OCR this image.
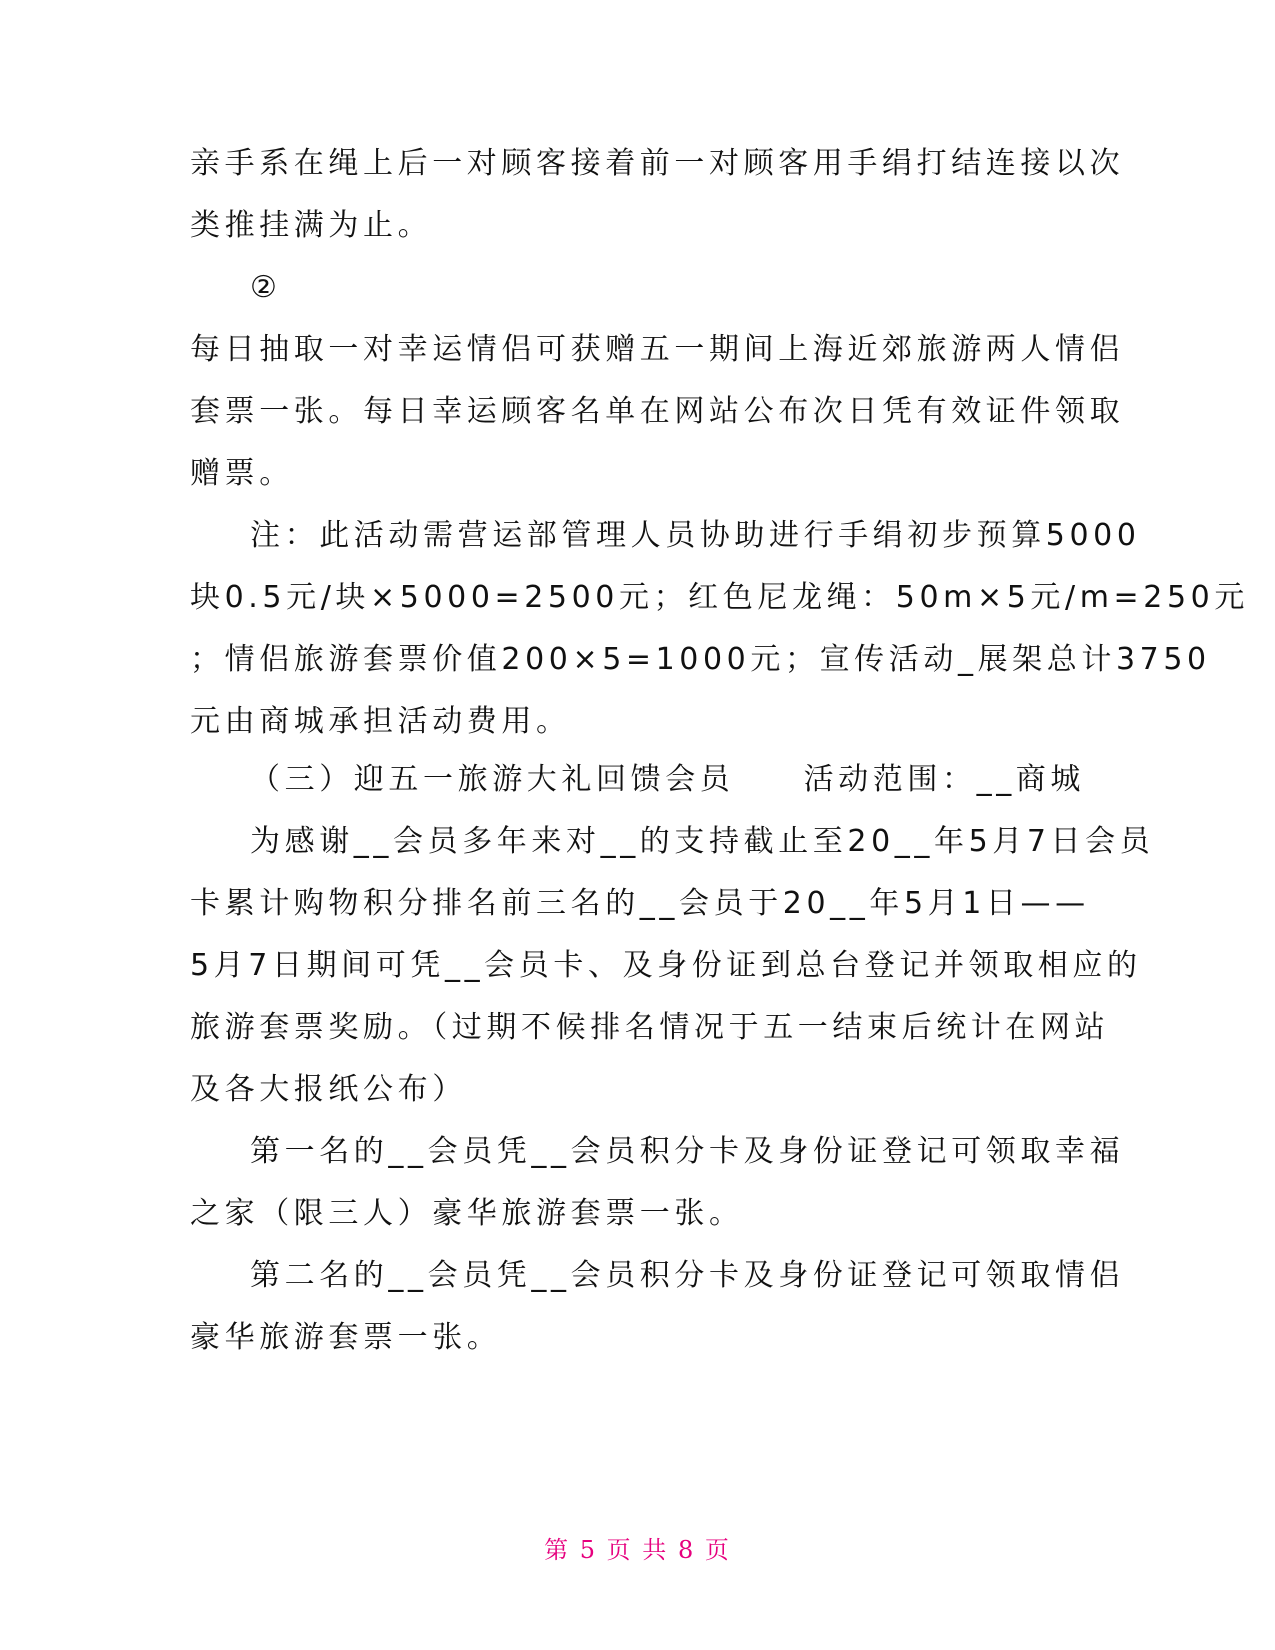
亲手系在绳上后一对顾客接着前一对顾客用手绢打结连接以次
类推挂满为止。
②
每日抽取一对幸运情侣可获赠五一期间上海近郊旅游两人情侣
套票一张。每日幸运顾客名单在网站公布次日凭有效证件领取
赠票。
注：此活动需营运部管理人员协助进行手绢初步预算5000
块0.5元/块×5000=2500元；红色尼龙绳：50m×5元/m=250元
；情侣旅游套票价值200×5=1000元；宣传活动_展架总计3750
元由商城承担活动费用。
（三）迎五一旅游大礼回馈会员　　活动范围：__商城
为感谢__会员多年来对__的支持截止至20__年5月7日会员
卡累计购物积分排名前三名的__会员于20__年5月1日——
5月7日期间可凭__会员卡、及身份证到总台登记并领取相应的
旅游套票奖励。（过期不候排名情况于五一结束后统计在网站
及各大报纸公布）
第一名的__会员凭__会员积分卡及身份证登记可领取幸福
之家（限三人）豪华旅游套票一张。
第二名的__会员凭__会员积分卡及身份证登记可领取情侣
豪华旅游套票一张。
第 5 页 共 8 页
